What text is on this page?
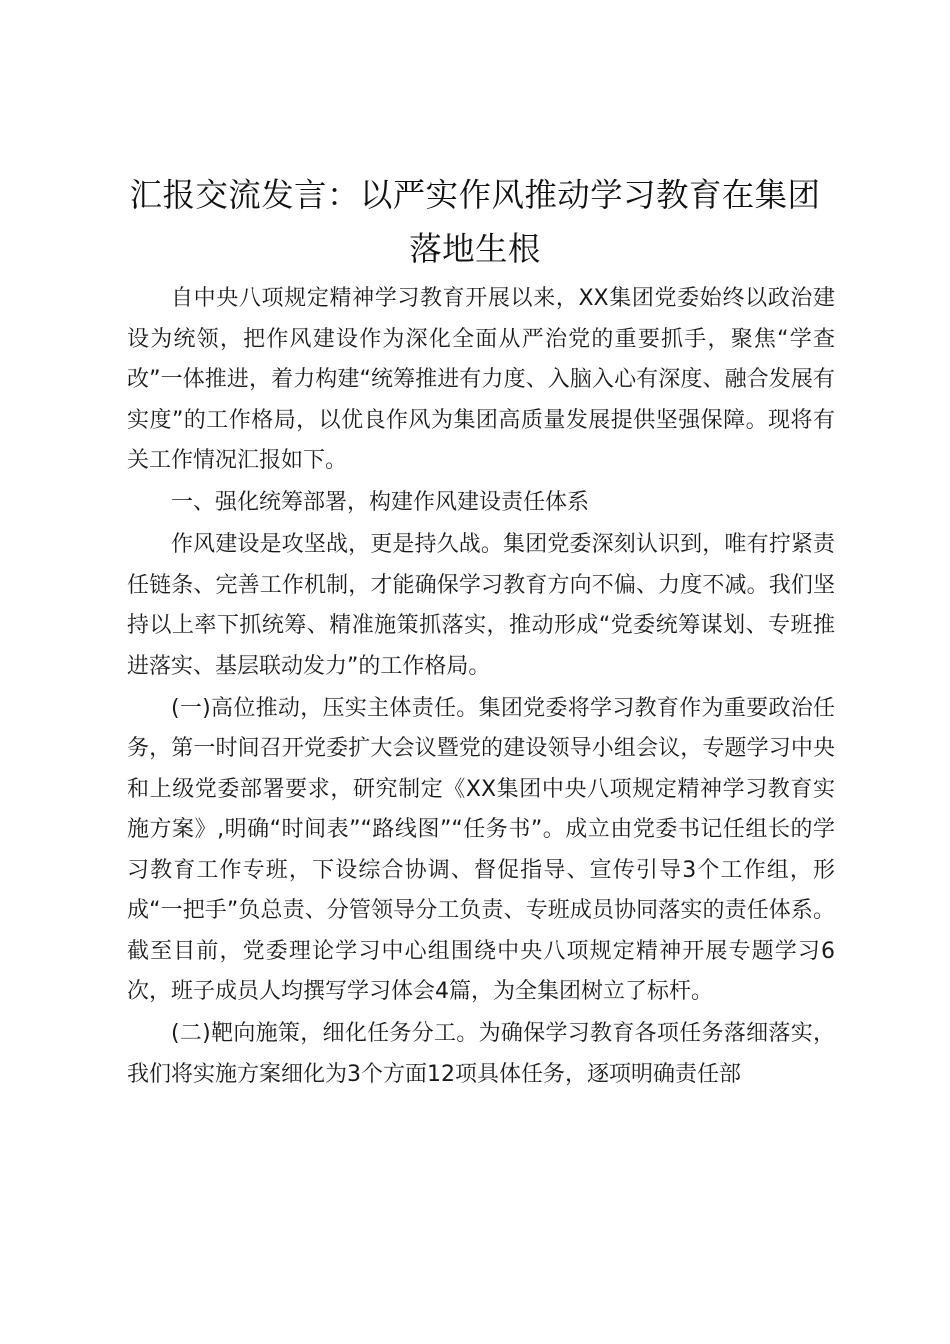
汇报交流发言：以严实作风推动学习教育在集团落地生根

自中央八项规定精神学习教育开展以来，XX集团党委始终以政治建设为统领，把作风建设作为深化全面从严治党的重要抓手，聚焦“学查改”一体推进，着力构建“统筹推进有力度、入脑入心有深度、融合发展有实度”的工作格局，以优良作风为集团高质量发展提供坚强保障。现将有关工作情况汇报如下。

一、强化统筹部署，构建作风建设责任体系

作风建设是攻坚战，更是持久战。集团党委深刻认识到，唯有拧紧责任链条、完善工作机制，才能确保学习教育方向不偏、力度不减。我们坚持以上率下抓统筹、精准施策抓落实，推动形成“党委统筹谋划、专班推进落实、基层联动发力”的工作格局。

(一)高位推动，压实主体责任。集团党委将学习教育作为重要政治任务，第一时间召开党委扩大会议暨党的建设领导小组会议，专题学习中央和上级党委部署要求，研究制定《XX集团中央八项规定精神学习教育实施方案》,明确“时间表”“路线图”“任务书”。成立由党委书记任组长的学习教育工作专班，下设综合协调、督促指导、宣传引导3个工作组，形成“一把手”负总责、分管领导分工负责、专班成员协同落实的责任体系。截至目前，党委理论学习中心组围绕中央八项规定精神开展专题学习6次，班子成员人均撰写学习体会4篇，为全集团树立了标杆。

(二)靶向施策，细化任务分工。为确保学习教育各项任务落细落实，我们将实施方案细化为3个方面12项具体任务，逐项明确责任部
